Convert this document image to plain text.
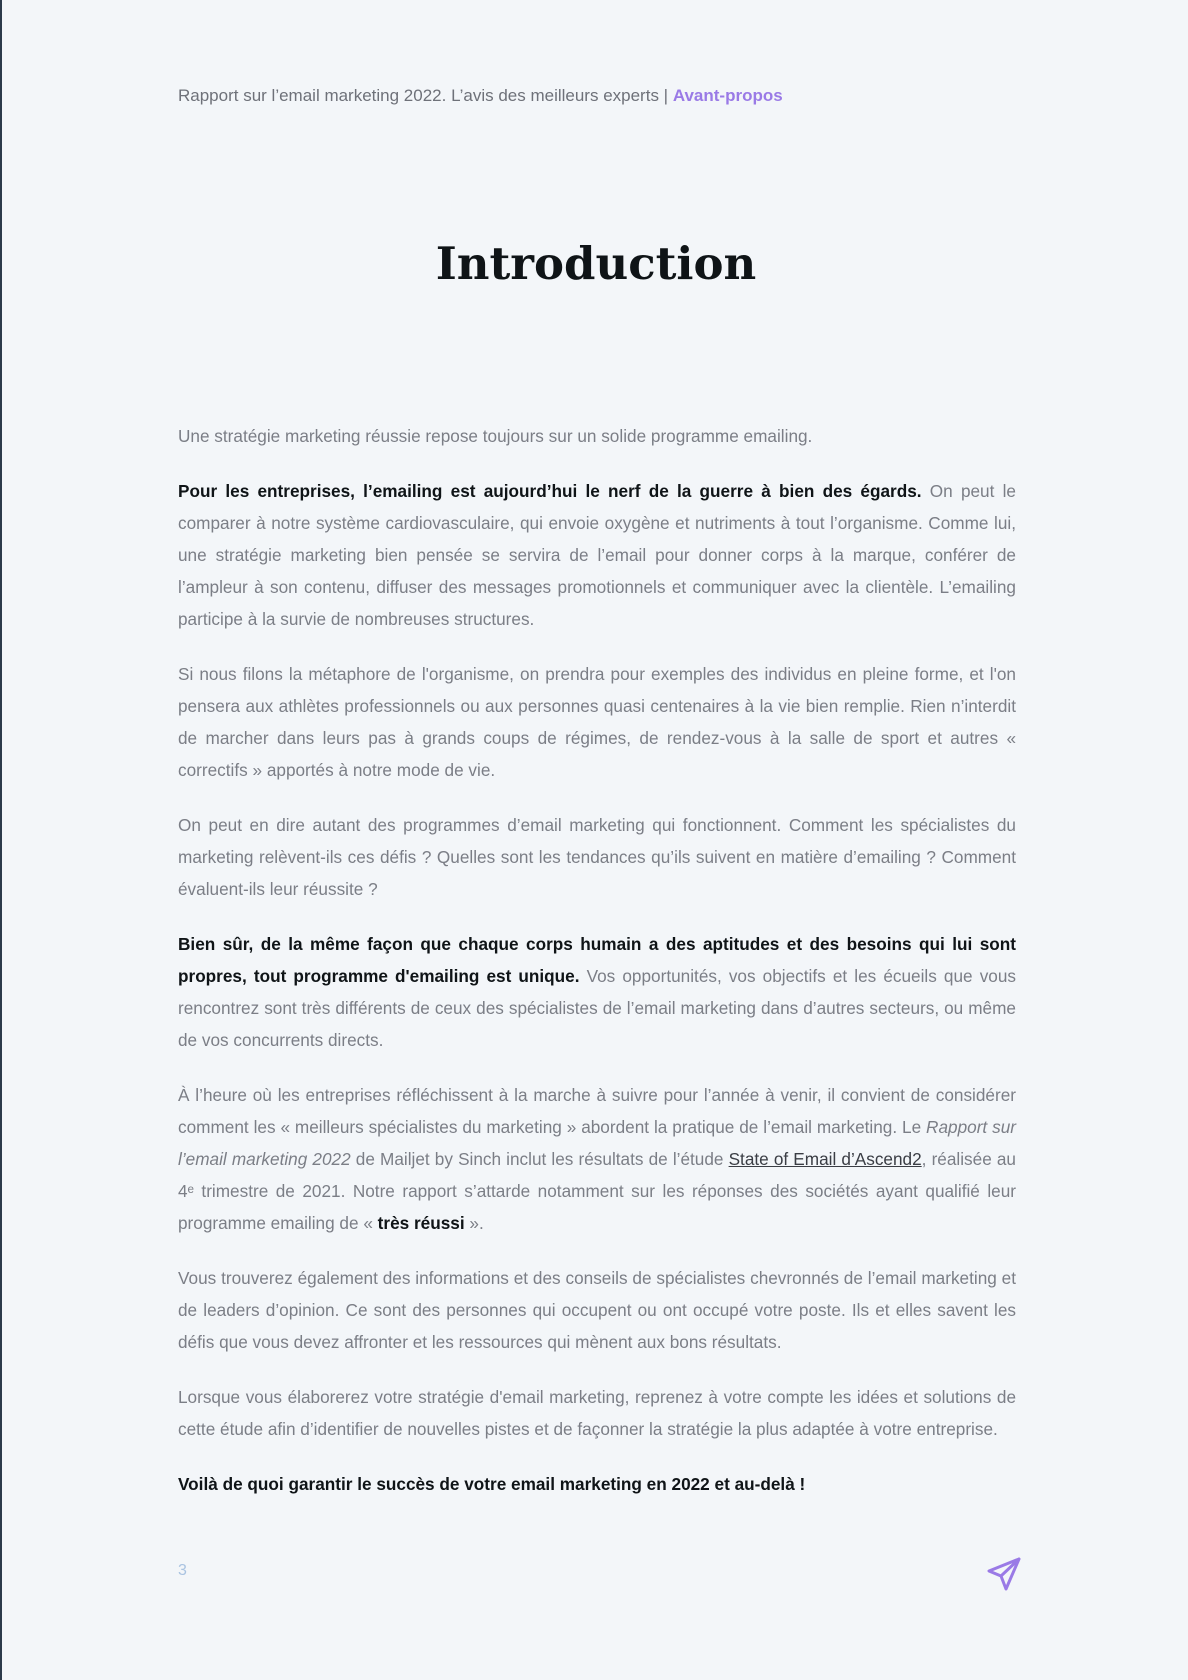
Rapport sur l’email marketing 2022. L’avis des meilleurs experts | Avant-propos
Introduction

Une stratégie marketing réussie repose toujours sur un solide programme emailing.

Pour les entreprises, l’emailing est aujourd’hui le nerf de la guerre à bien des égards. On peut le comparer à notre système cardiovasculaire, qui envoie oxygène et nutriments à tout l’organisme. Comme lui, une stratégie marketing bien pensée se servira de l’email pour donner corps à la marque, conférer de l’ampleur à son contenu, diffuser des messages promotionnels et communiquer avec la clientèle. L’emailing participe à la survie de nombreuses structures.

Si nous filons la métaphore de l'organisme, on prendra pour exemples des individus en pleine forme, et l'on pensera aux athlètes professionnels ou aux personnes quasi centenaires à la vie bien remplie. Rien n’interdit de marcher dans leurs pas à grands coups de régimes, de rendez-vous à la salle de sport et autres « correctifs » apportés à notre mode de vie.

On peut en dire autant des programmes d’email marketing qui fonctionnent. Comment les spécialistes du marketing relèvent-ils ces défis ? Quelles sont les tendances qu’ils suivent en matière d’emailing ? Comment évaluent-ils leur réussite ?

Bien sûr, de la même façon que chaque corps humain a des aptitudes et des besoins qui lui sont propres, tout programme d'emailing est unique. Vos opportunités, vos objectifs et les écueils que vous rencontrez sont très différents de ceux des spécialistes de l’email marketing dans d’autres secteurs, ou même de vos concurrents directs.

À l’heure où les entreprises réfléchissent à la marche à suivre pour l’année à venir, il convient de considérer comment les « meilleurs spécialistes du marketing » abordent la pratique de l’email marketing. Le Rapport sur l’email marketing 2022 de Mailjet by Sinch inclut les résultats de l’étude State of Email d’Ascend2, réalisée au 4ᵉ trimestre de 2021. Notre rapport s’attarde notamment sur les réponses des sociétés ayant qualifié leur programme emailing de « très réussi ».

Vous trouverez également des informations et des conseils de spécialistes chevronnés de l’email marketing et de leaders d’opinion. Ce sont des personnes qui occupent ou ont occupé votre poste. Ils et elles savent les défis que vous devez affronter et les ressources qui mènent aux bons résultats.

Lorsque vous élaborerez votre stratégie d'email marketing, reprenez à votre compte les idées et solutions de cette étude afin d’identifier de nouvelles pistes et de façonner la stratégie la plus adaptée à votre entreprise.

Voilà de quoi garantir le succès de votre email marketing en 2022 et au-delà !

3
